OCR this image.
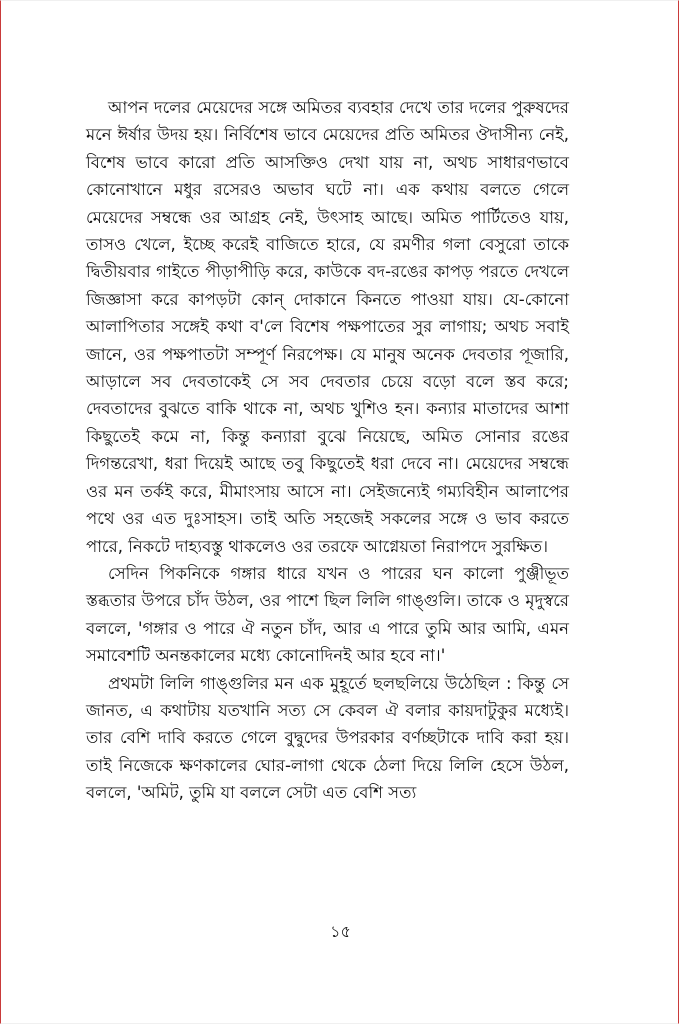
আপন দলের মেয়েদের সঙ্গে অমিতর ব্যবহার দেখে তার দলের পুরুষদের মনে ঈর্ষার উদয় হয়। নির্বিশেষ ভাবে মেয়েদের প্রতি অমিতর ঔদাসীন্য নেই, বিশেষ ভাবে কারো প্রতি আসক্তিও দেখা যায় না, অথচ সাধারণভাবে কোনোখানে মধুর রসেরও অভাব ঘটে না। এক কথায় বলতে গেলে মেয়েদের সম্বন্ধে ওর আগ্রহ নেই, উৎসাহ আছে। অমিত পার্টিতেও যায়, তাসও খেলে, ইচ্ছে করেই বাজিতে হারে, যে রমণীর গলা বেসুরো তাকে দ্বিতীয়বার গাইতে পীড়াপীড়ি করে, কাউকে বদ-রঙের কাপড় পরতে দেখলে জিজ্ঞাসা করে কাপড়টা কোন্ দোকানে কিনতে পাওয়া যায়। যে-কোনো আলাপিতার সঙ্গেই কথা ব'লে বিশেষ পক্ষপাতের সুর লাগায়; অথচ সবাই জানে, ওর পক্ষপাতটা সম্পূর্ণ নিরপেক্ষ। যে মানুষ অনেক দেবতার পূজারি, আড়ালে সব দেবতাকেই সে সব দেবতার চেয়ে বড়ো বলে স্তব করে; দেবতাদের বুঝতে বাকি থাকে না, অথচ খুশিও হন। কন্যার মাতাদের আশা কিছুতেই কমে না, কিন্তু কন্যারা বুঝে নিয়েছে, অমিত সোনার রঙের দিগন্তরেখা, ধরা দিয়েই আছে তবু কিছুতেই ধরা দেবে না। মেয়েদের সম্বন্ধে ওর মন তর্কই করে, মীমাংসায় আসে না। সেইজন্যেই গম্যবিহীন আলাপের পথে ওর এত দুঃসাহস। তাই অতি সহজেই সকলের সঙ্গে ও ভাব করতে পারে, নিকটে দাহ্যবস্তু থাকলেও ওর তরফে আগ্নেয়তা নিরাপদে সুরক্ষিত।

সেদিন পিকনিকে গঙ্গার ধারে যখন ও পারের ঘন কালো পুঞ্জীভূত স্তব্ধতার উপরে চাঁদ উঠল, ওর পাশে ছিল লিলি গাঙ্গুলি। তাকে ও মৃদুস্বরে বললে, 'গঙ্গার ও পারে ঐ নতুন চাঁদ, আর এ পারে তুমি আর আমি, এমন সমাবেশটি অনন্তকালের মধ্যে কোনোদিনই আর হবে না।'

প্রথমটা লিলি গাঙ্গুলির মন এক মুহূর্তে ছলছলিয়ে উঠেছিল : কিন্তু সে জানত, এ কথাটায় যতখানি সত্য সে কেবল ঐ বলার কায়দাটুকুর মধ্যেই। তার বেশি দাবি করতে গেলে বুদ্বুদের উপরকার বর্ণচ্ছটাকে দাবি করা হয়। তাই নিজেকে ক্ষণকালের ঘোর-লাগা থেকে ঠেলা দিয়ে লিলি হেসে উঠল, বললে, 'অমিট, তুমি যা বললে সেটা এত বেশি সত্য

১৫
